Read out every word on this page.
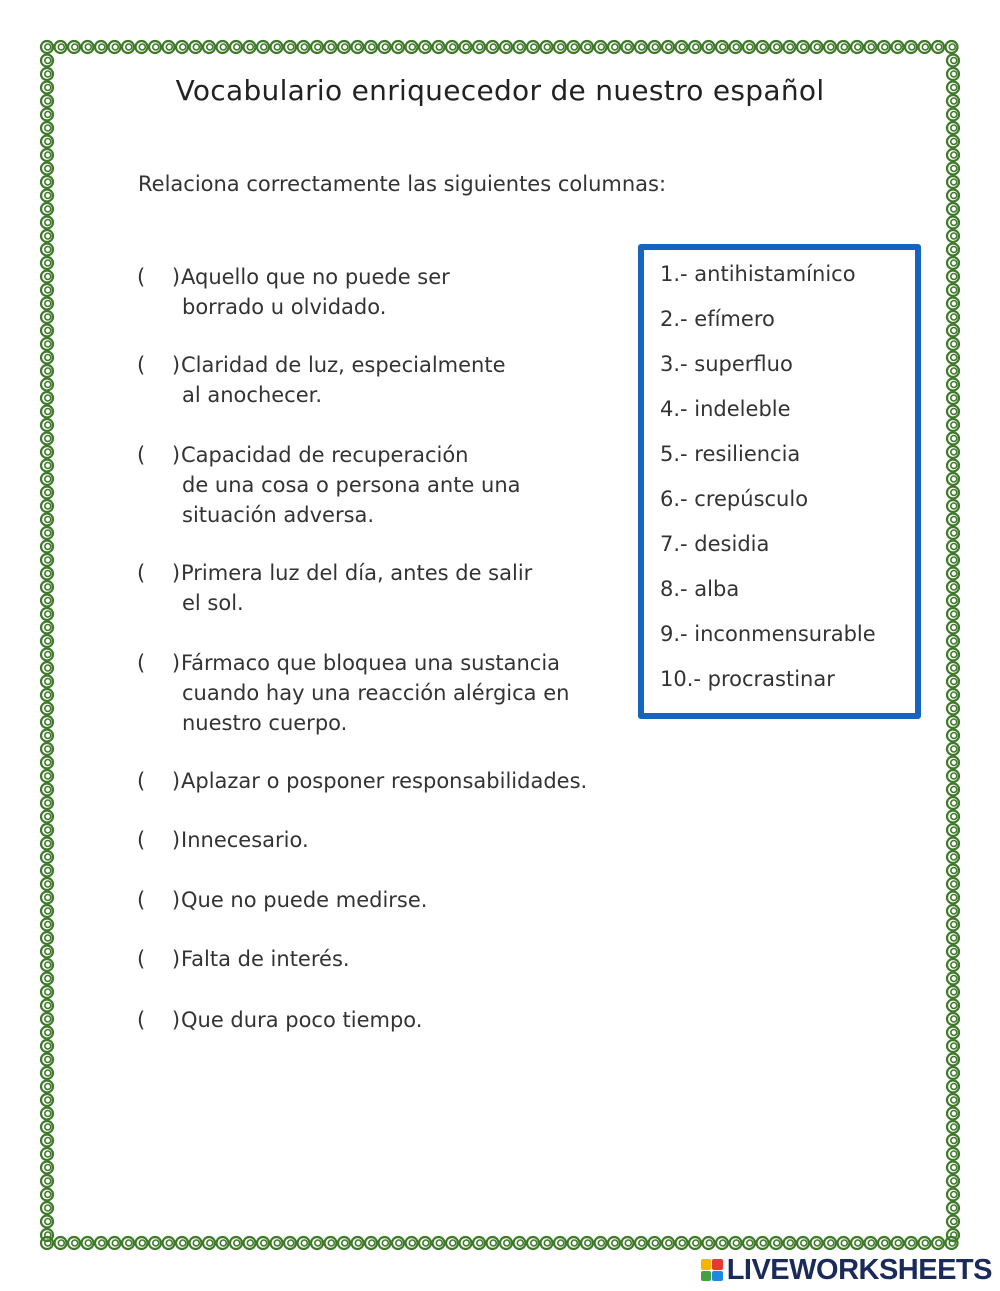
Vocabulario enriquecedor de nuestro español
Relaciona correctamente las siguientes columnas:
(    )Aquello que no puede ser
borrado u olvidado.
(    )Claridad de luz, especialmente
al anochecer.
(    )Capacidad de recuperación
de una cosa o persona ante una
situación adversa.
(    )Primera luz del día, antes de salir
el sol.
(    )Fármaco que bloquea una sustancia
cuando hay una reacción alérgica en
nuestro cuerpo.
(    )Aplazar o posponer responsabilidades.
(    )Innecesario.
(    )Que no puede medirse.
(    )Falta de interés.
(    )Que dura poco tiempo.
1.- antihistamínico
2.- efímero
3.- superfluo
4.- indeleble
5.- resiliencia
6.- crepúsculo
7.- desidia
8.- alba
9.- inconmensurable
10.- procrastinar
LIVEWORKSHEETS
